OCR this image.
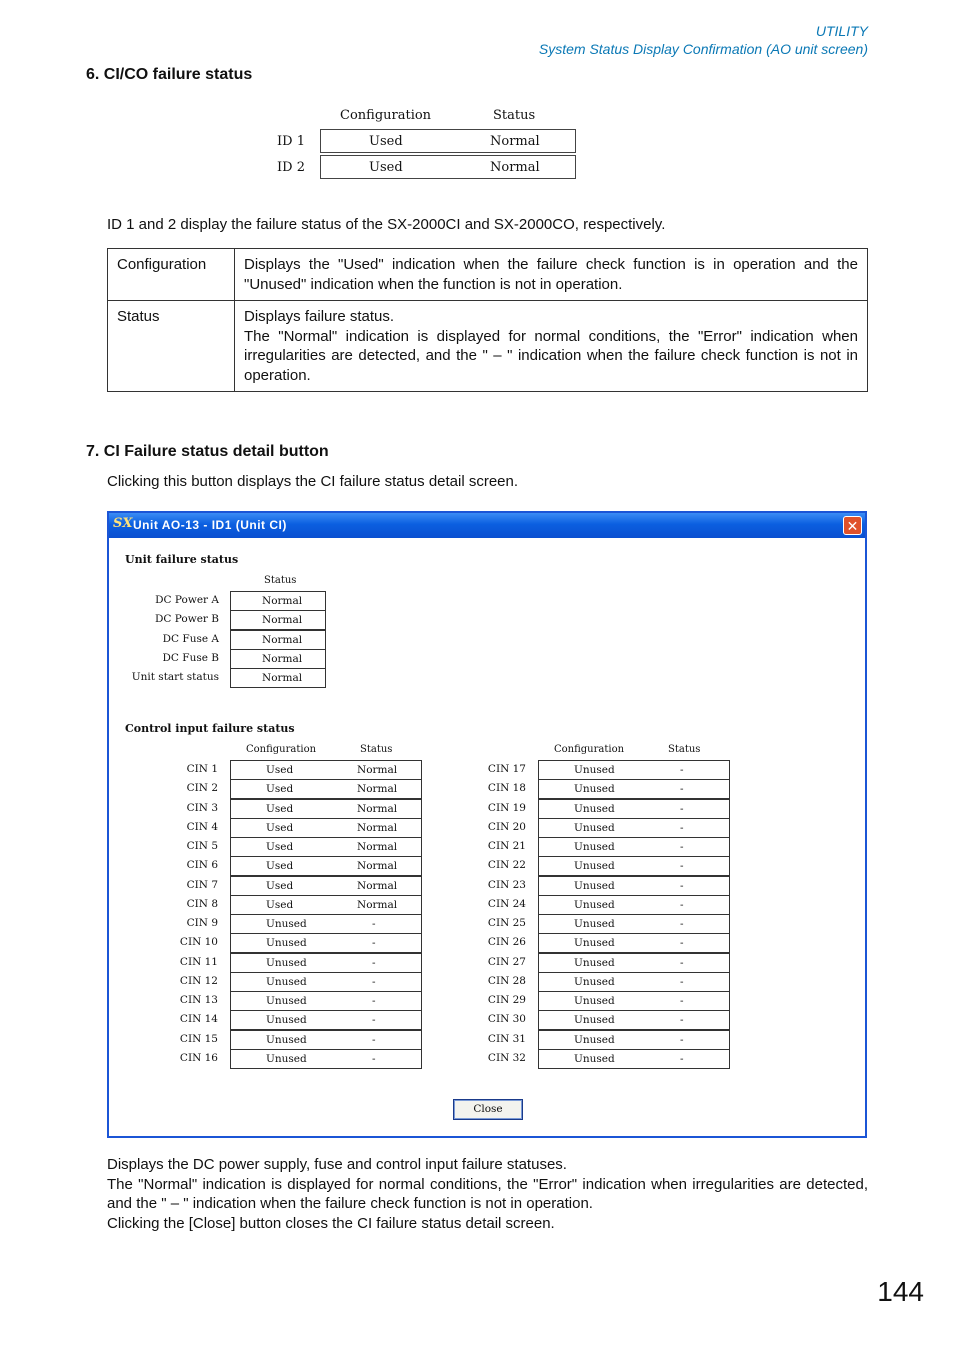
UTILITY
System Status Display Confirmation (AO unit screen)
6. CI/CO failure status
Configuration	Status
ID 1	Used	Normal
ID 2	Used	Normal
ID 1 and 2 display the failure status of the SX-2000CI and SX-2000CO, respectively.
Configuration	Displays the "Used" indication when the failure check function is in operation and the "Unused" indication when the function is not in operation.

Status	Displays failure status.
The "Normal" indication is displayed for normal conditions, the "Error" indication when irregularities are detected, and the " – " indication when the failure check function is not in operation.
7. CI Failure status detail button
Clicking this button displays the CI failure status detail screen.
SX Unit AO-13 - ID1 (Unit CI)	✕
Unit failure status
Status
DC Power A	Normal
DC Power B	Normal
DC Fuse A	Normal
DC Fuse B	Normal
Unit start status	Normal
Control input failure status
Configuration	Status	Configuration	Status
CIN 1	Used	Normal
CIN 2	Used	Normal
CIN 3	Used	Normal
CIN 4	Used	Normal
CIN 5	Used	Normal
CIN 6	Used	Normal
CIN 7	Used	Normal
CIN 8	Used	Normal
CIN 9	Unused	-
CIN 10	Unused	-
CIN 11	Unused	-
CIN 12	Unused	-
CIN 13	Unused	-
CIN 14	Unused	-
CIN 15	Unused	-
CIN 16	Unused	-
CIN 17	Unused	-
CIN 18	Unused	-
CIN 19	Unused	-
CIN 20	Unused	-
CIN 21	Unused	-
CIN 22	Unused	-
CIN 23	Unused	-
CIN 24	Unused	-
CIN 25	Unused	-
CIN 26	Unused	-
CIN 27	Unused	-
CIN 28	Unused	-
CIN 29	Unused	-
CIN 30	Unused	-
CIN 31	Unused	-
CIN 32	Unused	-
Close
Displays the DC power supply, fuse and control input failure statuses.
The "Normal" indication is displayed for normal conditions, the "Error" indication when irregularities are detected, and the " – " indication when the failure check function is not in operation.
Clicking the [Close] button closes the CI failure status detail screen.
144
